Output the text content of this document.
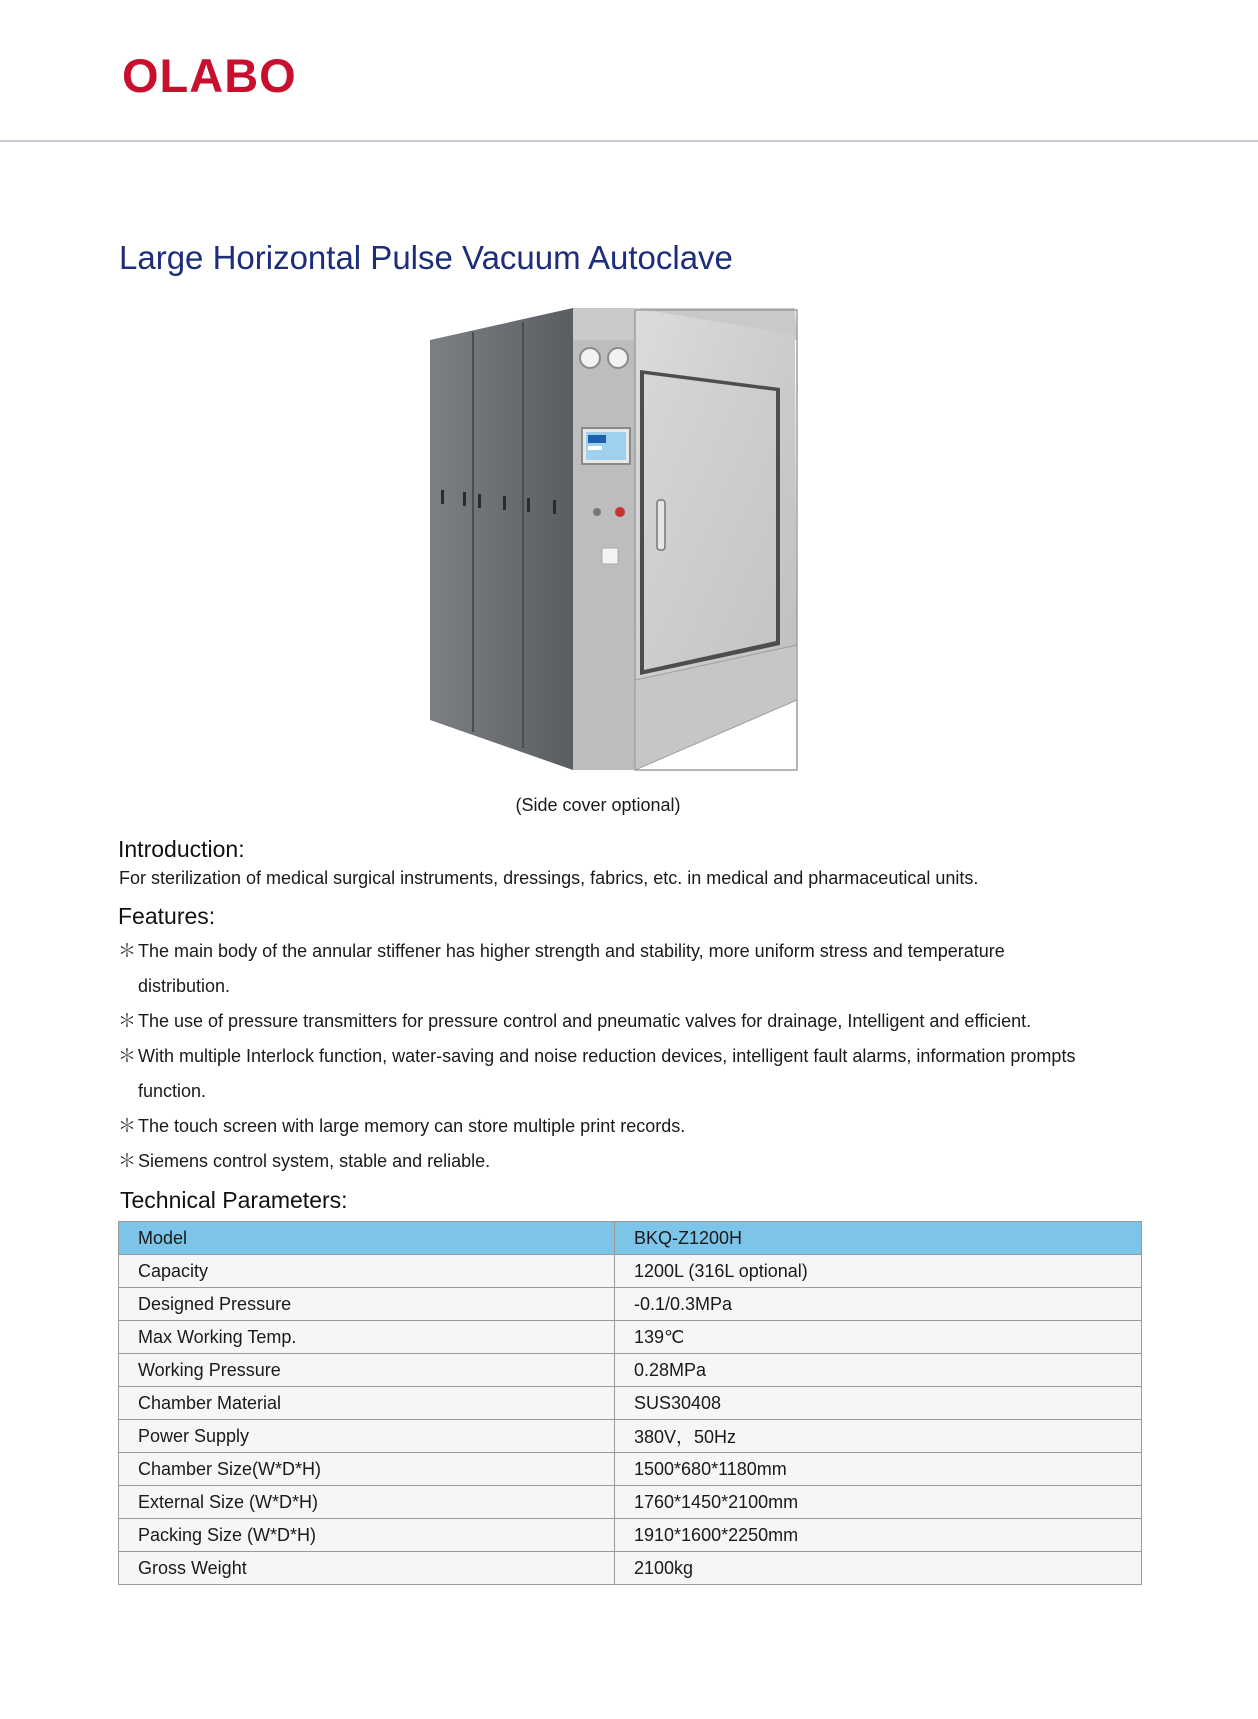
OLABO
Large Horizontal Pulse Vacuum Autoclave
(Side cover optional)
Introduction:
For sterilization of medical surgical instruments, dressings, fabrics, etc. in medical and pharmaceutical units.
Features:
＊ The main body of the annular stiffener has higher strength and stability, more uniform stress and temperature distribution.
＊ The use of pressure transmitters for pressure control and pneumatic valves for drainage, Intelligent and efficient.
＊ With multiple Interlock function, water-saving and noise reduction devices, intelligent fault alarms, information prompts function.
＊ The touch screen with large memory can store multiple print records.
＊ Siemens control system, stable and reliable.
Technical Parameters:
Model	BKQ-Z1200H
Capacity	1200L (316L optional)
Designed Pressure	-0.1/0.3MPa
Max Working Temp.	139℃
Working Pressure	0.28MPa
Chamber Material	SUS30408
Power Supply	380V，50Hz
Chamber Size(W*D*H)	1500*680*1180mm
External Size (W*D*H)	1760*1450*2100mm
Packing Size (W*D*H)	1910*1600*2250mm
Gross Weight	2100kg
